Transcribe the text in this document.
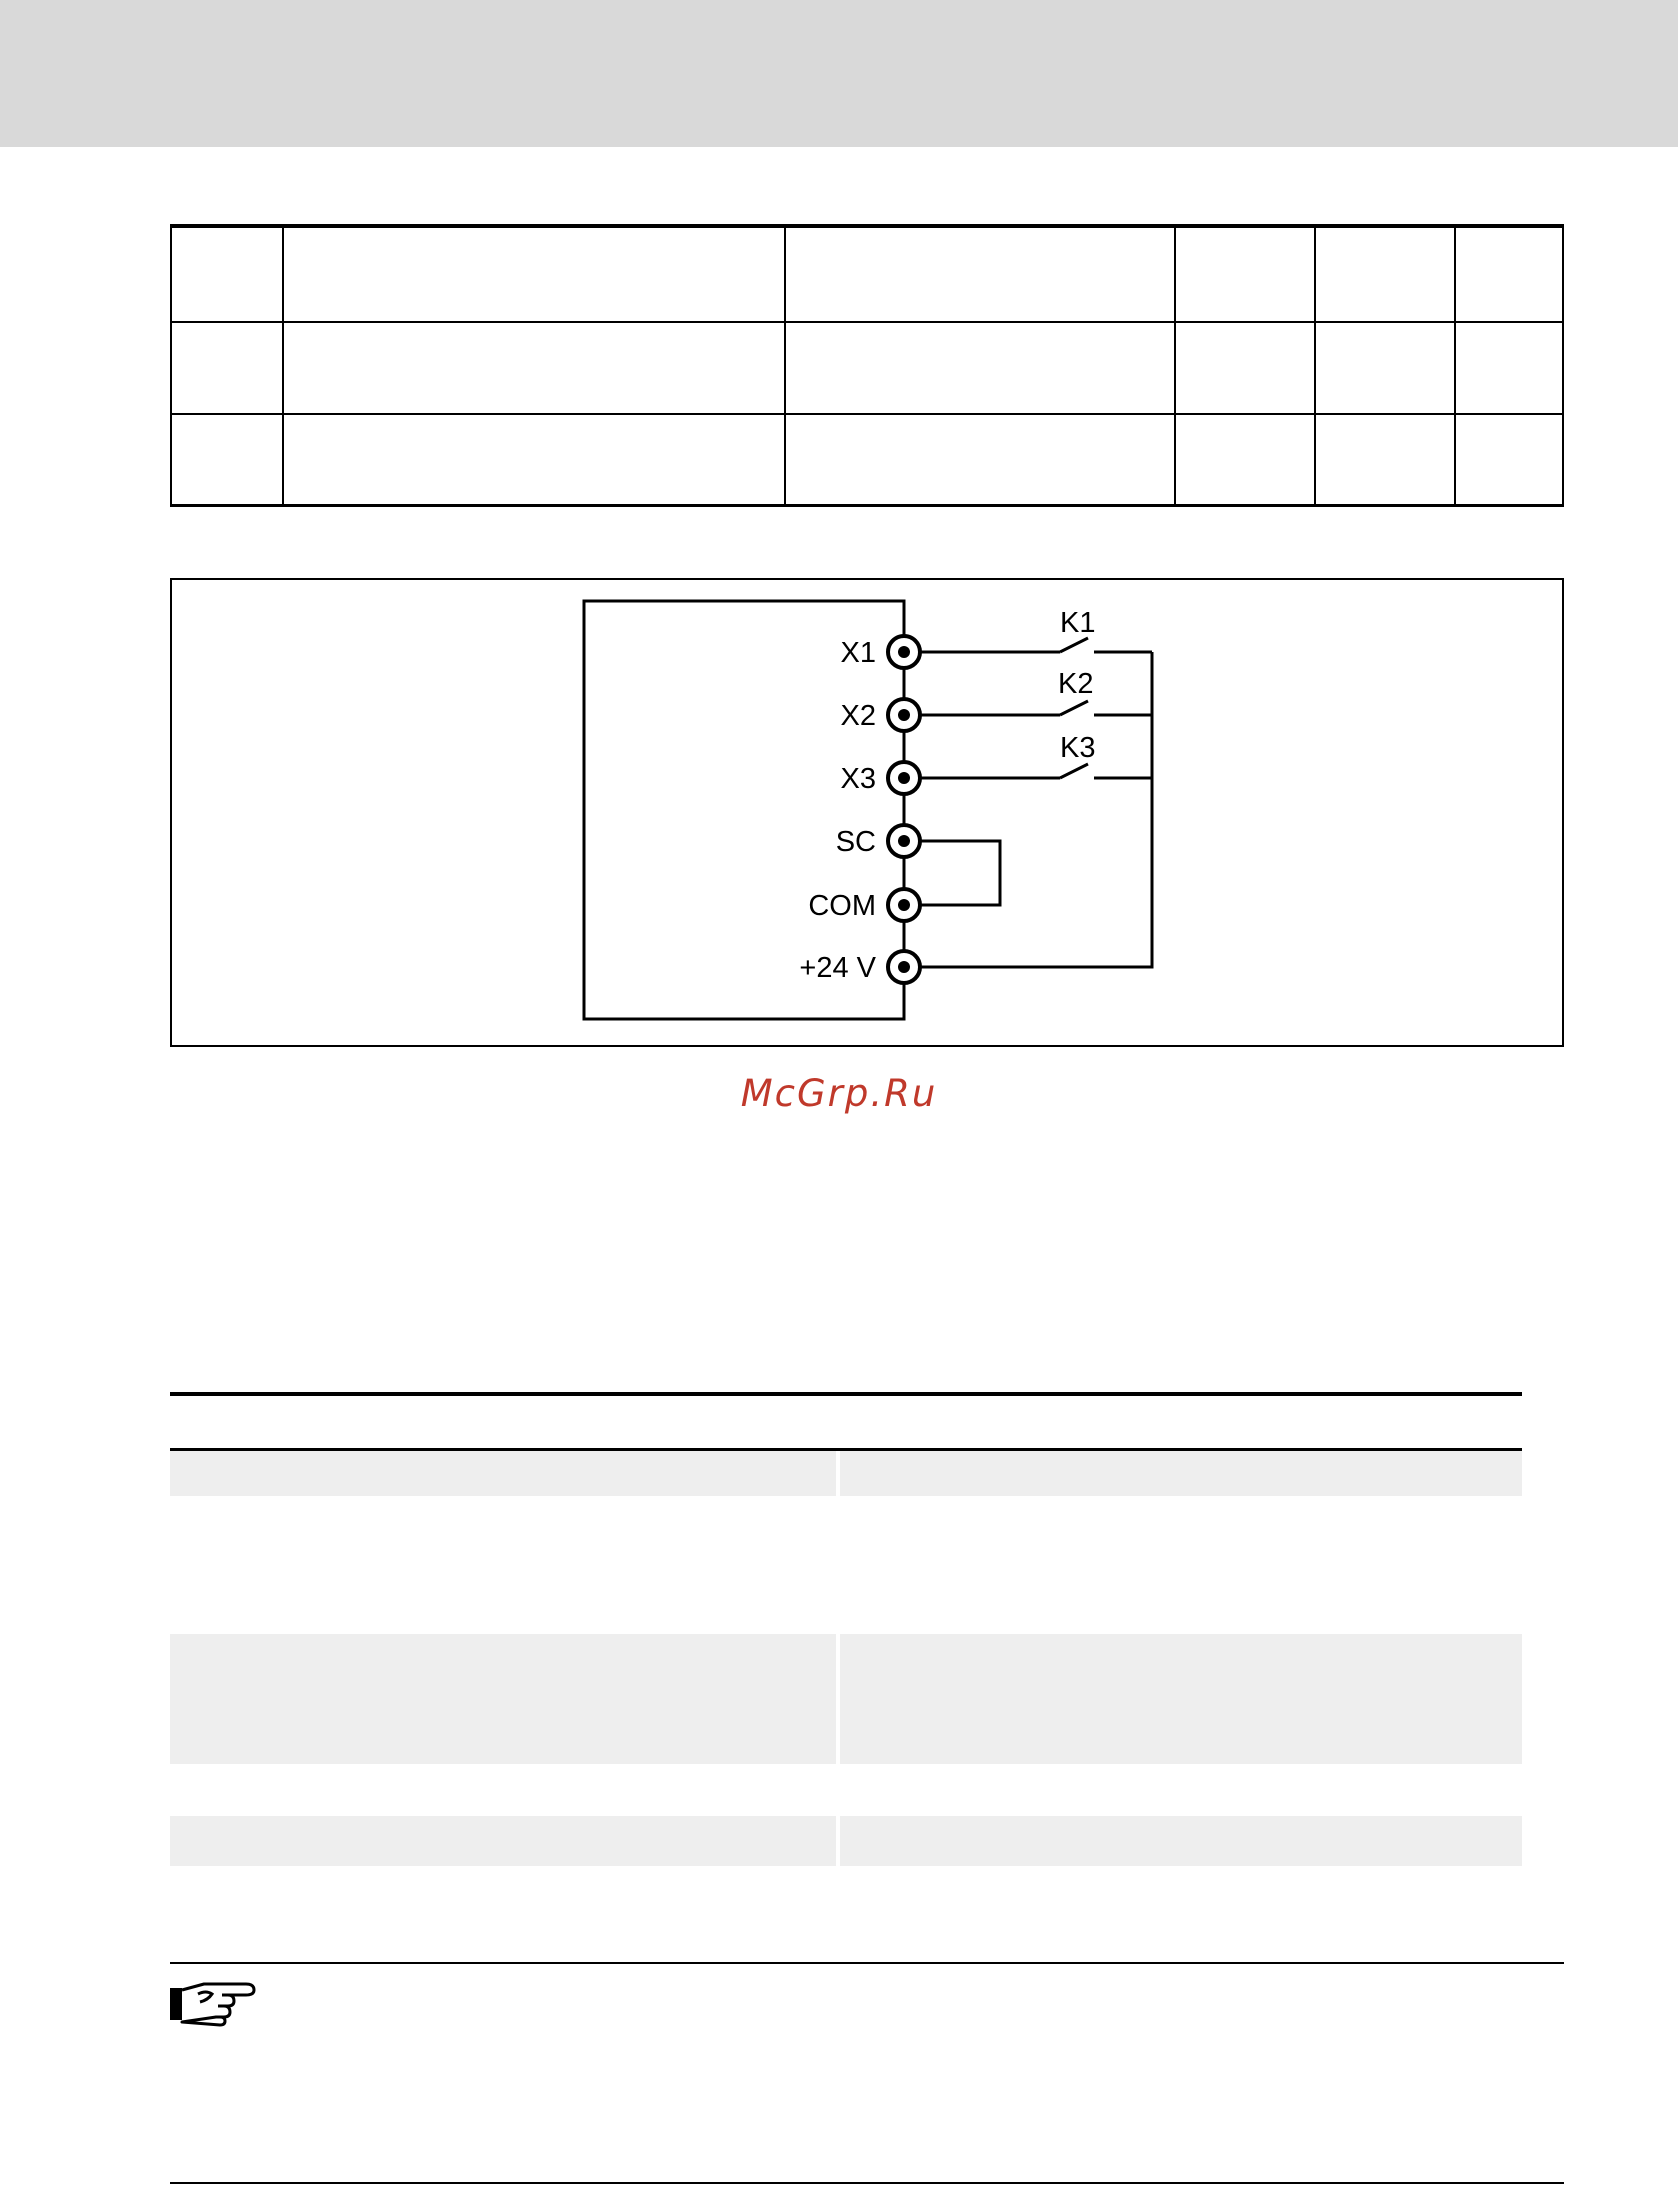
X1
X2
X3
SC
COM
+24 V
K1
K2
K3
McGrp.Ru
